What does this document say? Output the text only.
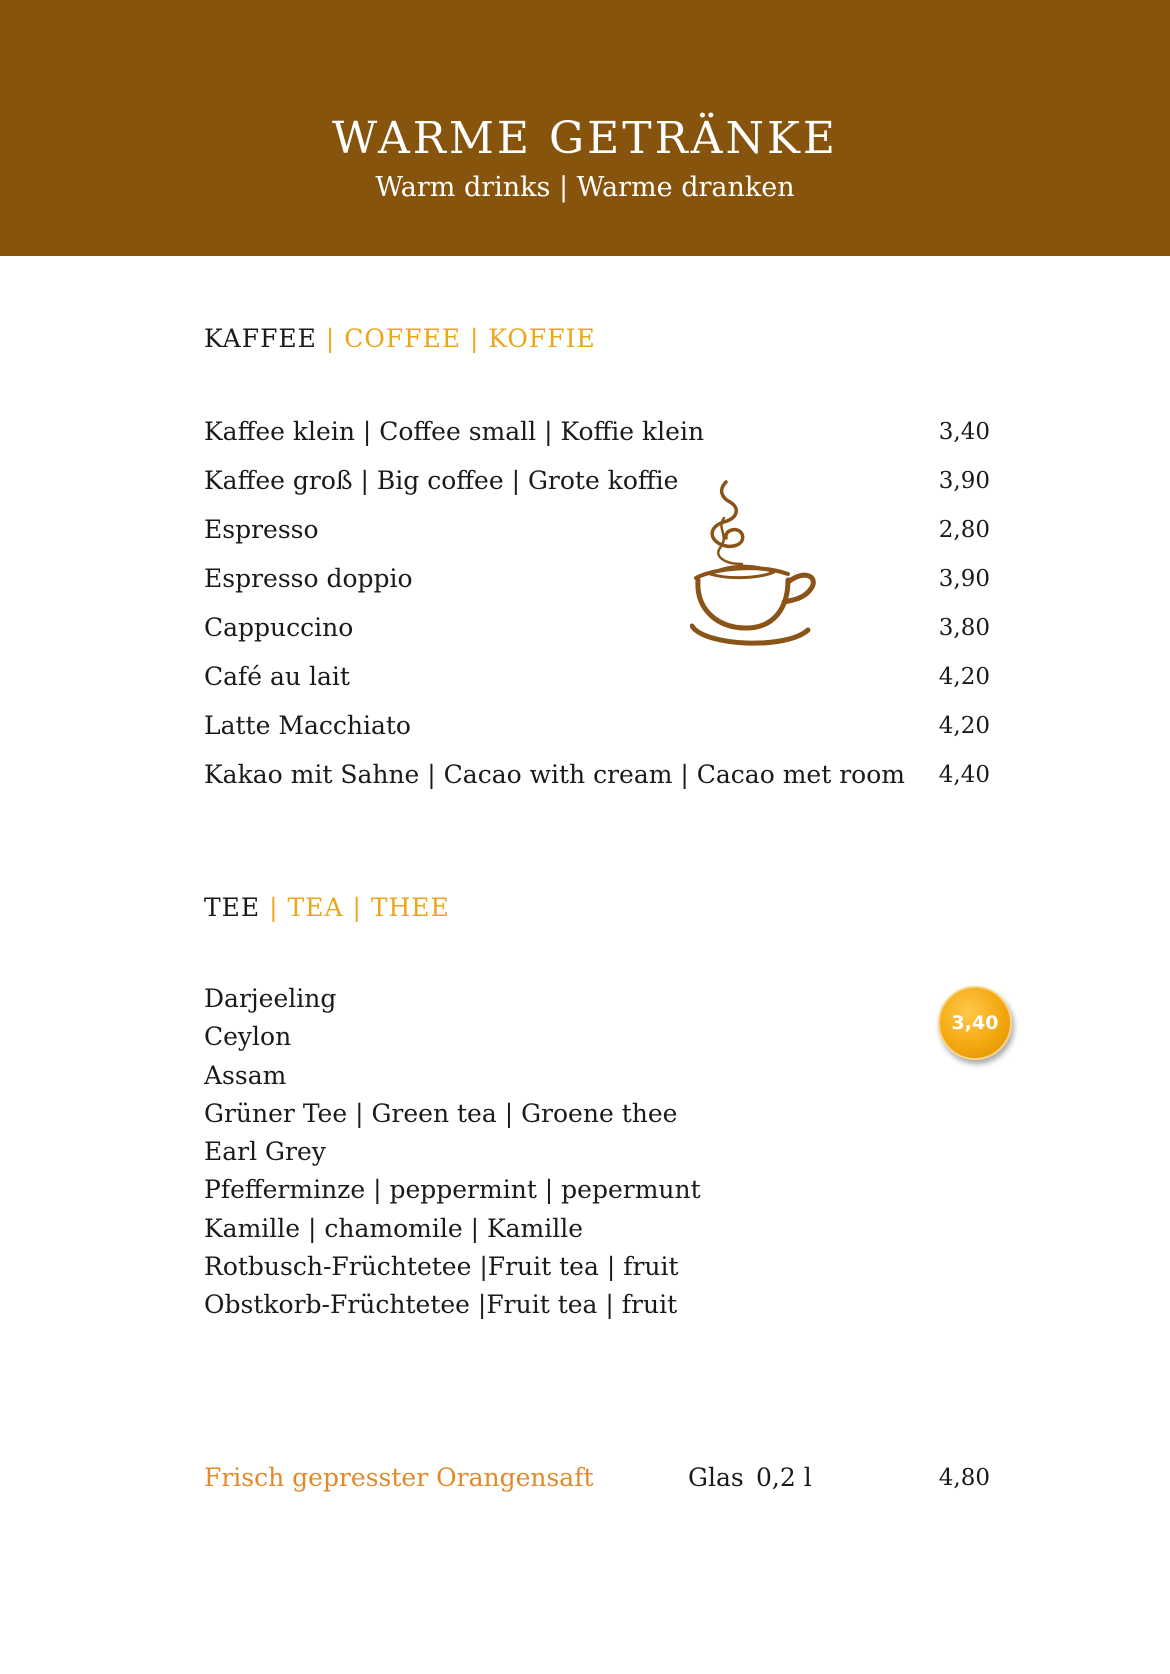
WARME GETRÄNKE
Warm drinks | Warme dranken
KAFFEE | COFFEE | KOFFIE
Kaffee klein | Coffee small | Koffie klein	3,40
Kaffee groß | Big coffee | Grote koffie	3,90
Espresso	2,80
Espresso doppio	3,90
Cappuccino	3,80
Café au lait	4,20
Latte Macchiato	4,20
Kakao mit Sahne | Cacao with cream | Cacao met room 4,40
TEE | TEA | THEE
Darjeeling
Ceylon
Assam
Grüner Tee | Green tea | Groene thee
Earl Grey
Pfefferminze | peppermint | pepermunt
Kamille | chamomile | Kamille
Rotbusch-Früchtetee |Fruit tea | fruit
Obstkorb-Früchtetee |Fruit tea | fruit
3,40
Frisch gepresster Orangensaft	Glas 0,2 l	4,80
